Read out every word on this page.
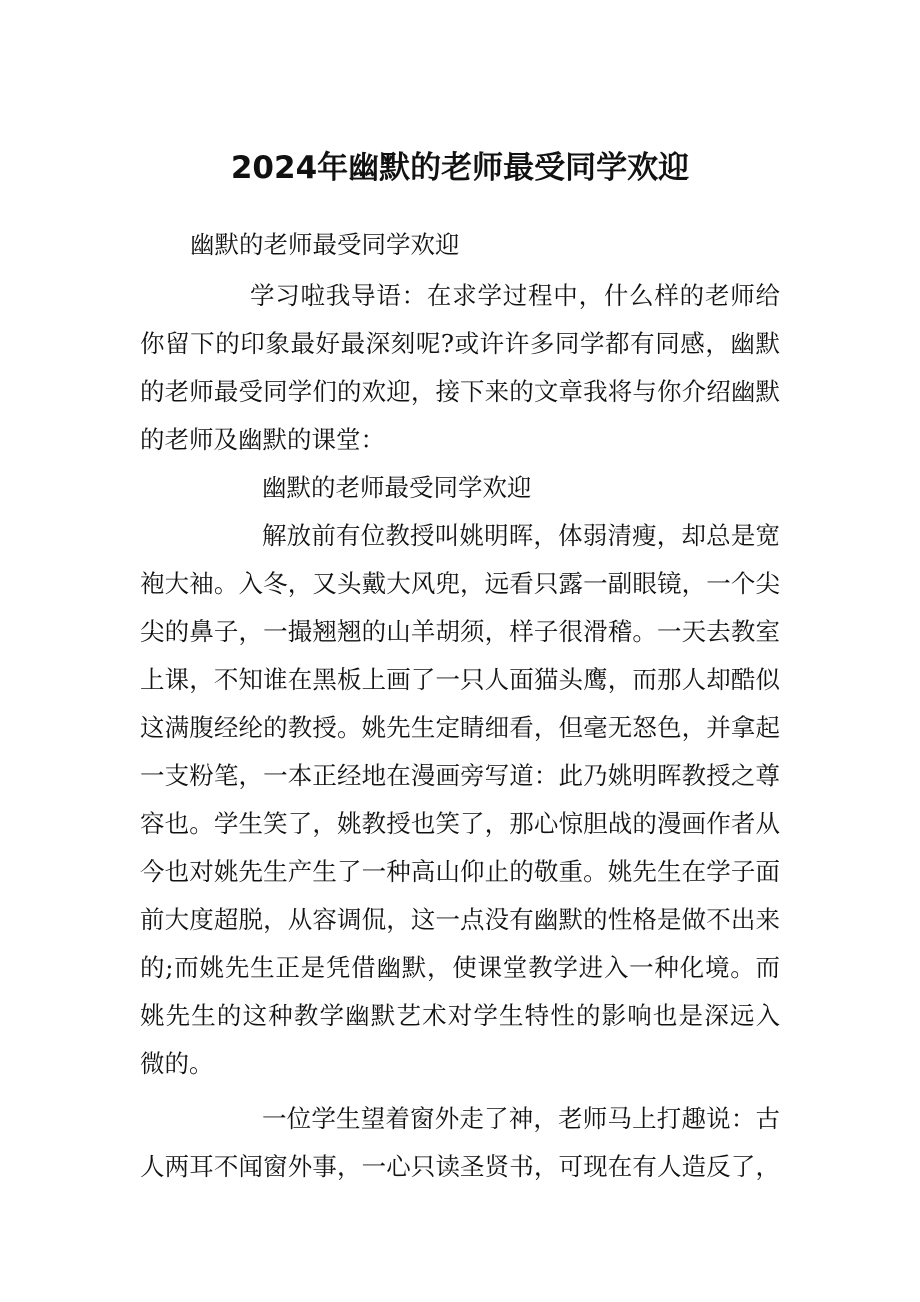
2024年幽默的老师最受同学欢迎

幽默的老师最受同学欢迎

学习啦我导语：在求学过程中，什么样的老师给

你留下的印象最好最深刻呢?或许许多同学都有同感，幽默

的老师最受同学们的欢迎，接下来的文章我将与你介绍幽默

的老师及幽默的课堂：

幽默的老师最受同学欢迎

解放前有位教授叫姚明晖，体弱清瘦，却总是宽

袍大袖。入冬，又头戴大风兜，远看只露一副眼镜，一个尖

尖的鼻子，一撮翘翘的山羊胡须，样子很滑稽。一天去教室

上课，不知谁在黑板上画了一只人面猫头鹰，而那人却酷似

这满腹经纶的教授。姚先生定睛细看，但毫无怒色，并拿起

一支粉笔，一本正经地在漫画旁写道：此乃姚明晖教授之尊

容也。学生笑了，姚教授也笑了，那心惊胆战的漫画作者从

今也对姚先生产生了一种高山仰止的敬重。姚先生在学子面

前大度超脱，从容调侃，这一点没有幽默的性格是做不出来

的;而姚先生正是凭借幽默，使课堂教学进入一种化境。而

姚先生的这种教学幽默艺术对学生特性的影响也是深远入

微的。

一位学生望着窗外走了神，老师马上打趣说：古

人两耳不闻窗外事，一心只读圣贤书，可现在有人造反了，
